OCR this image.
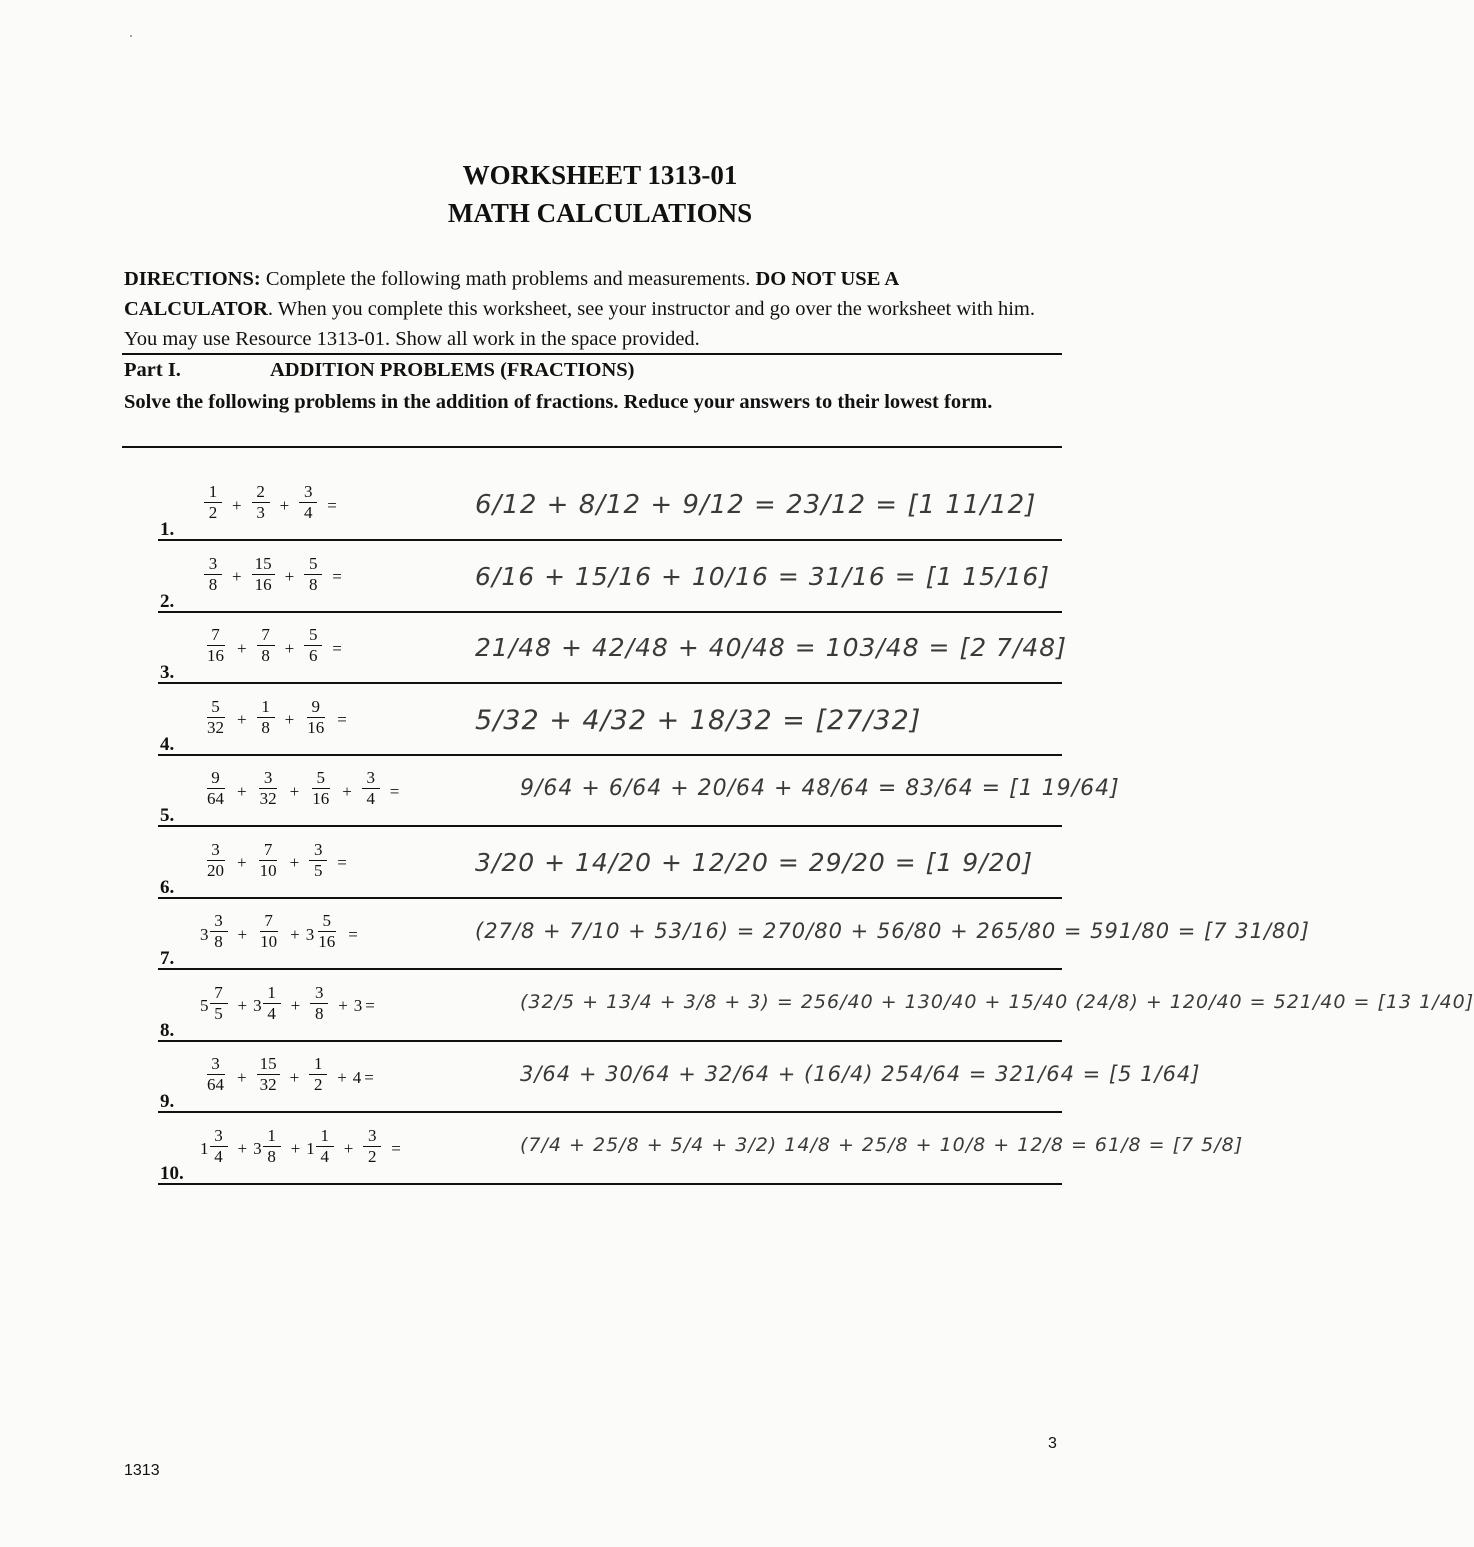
WORKSHEET 1313-01
MATH CALCULATIONS
DIRECTIONS: Complete the following math problems and measurements. DO NOT USE A CALCULATOR. When you complete this worksheet, see your instructor and go over the worksheet with him. You may use Resource 1313-01. Show all work in the space provided.
Part I.	ADDITION PROBLEMS (FRACTIONS)
Solve the following problems in the addition of fractions. Reduce your answers to their lowest form.
1.
$\frac{1}{2} + \frac{2}{3} + \frac{3}{4}$ =	6/12 + 8/12 + 9/12 = 23/12 = [1 11/12]
2.
$\frac{3}{8} + \frac{15}{16} + \frac{5}{8}$ =	6/16 + 15/16 + 10/16 = 31/16 = [1 15/16]
3.
$\frac{7}{16} + \frac{7}{8} + \frac{5}{6}$ =	21/48 + 42/48 + 40/48 = 103/48 = [2 7/48]
4.
$\frac{5}{32} + \frac{1}{8} + \frac{9}{16}$ =	5/32 + 4/32 + 18/32 = [27/32]
5.
$\frac{9}{64} + \frac{3}{32} + \frac{5}{16} + \frac{3}{4}$ =	9/64 + 6/64 + 20/64 + 48/64 = 83/64 = [1 19/64]
6.
$\frac{3}{20} + \frac{7}{10} + \frac{3}{5}$ =	3/20 + 14/20 + 12/20 = 29/20 = [1 9/20]
7.
$3 \frac{3}{8} + \frac{7}{10} + 3 \frac{5}{16}$ =	(27/8 + 7/10 + 53/16) = 270/80 + 56/80 + 265/80 = 591/80 = [7 31/80]
8.
$5 \frac{7}{5} + 3 \frac{1}{4} + \frac{3}{8} + 3$ =	(32/5 + 13/4 + 3/8 + 3) = 256/40 + 130/40 + 15/40 (24/8) + 120/40 = 521/40 = [13 1/40]
9.
$\frac{3}{64} + \frac{15}{32} + \frac{1}{2} + 4$ =	3/64 + 30/64 + 32/64 + (16/4) 254/64 = 321/64 = [5 1/64]
10.
$1 \frac{3}{4} + 3 \frac{1}{8} + 1 \frac{1}{4} + \frac{3}{2}$ =	(7/4 + 25/8 + 5/4 + 3/2) 14/8 + 25/8 + 10/8 + 12/8 = 61/8 = [7 5/8]
1313
3
